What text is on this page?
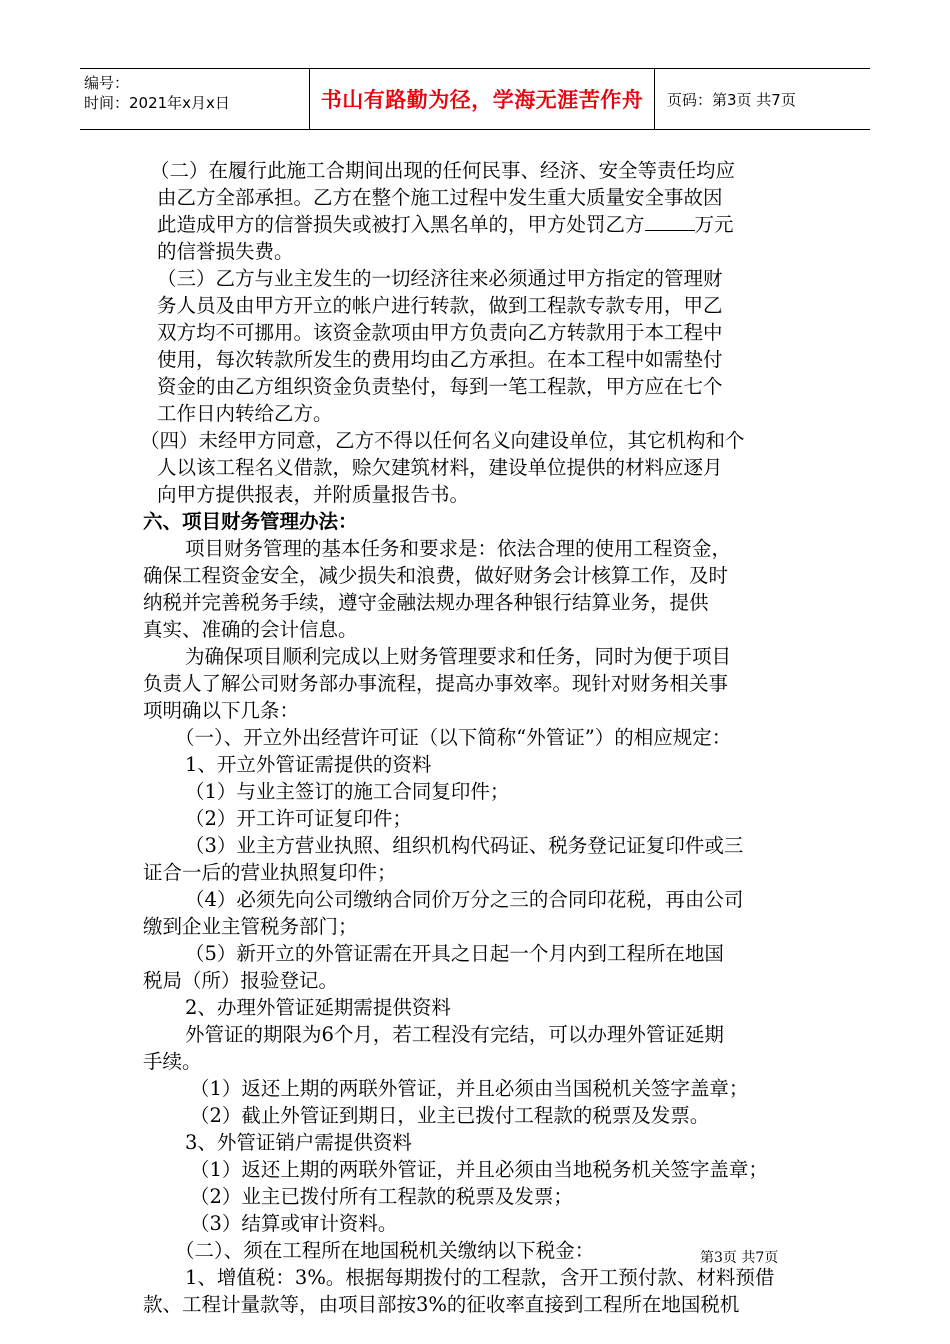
编号：
时间：2021年x月x日	书山有路勤为径，学海无涯苦作舟	页码：第3页 共7页
（二）在履行此施工合期间出现的任何民事、经济、安全等责任均应
由乙方全部承担。乙方在整个施工过程中发生重大质量安全事故因
此造成甲方的信誉损失或被打入黑名单的，甲方处罚乙方	万元
的信誉损失费。
（三）乙方与业主发生的一切经济往来必须通过甲方指定的管理财
务人员及由甲方开立的帐户进行转款，做到工程款专款专用，甲乙
双方均不可挪用。该资金款项由甲方负责向乙方转款用于本工程中
使用，每次转款所发生的费用均由乙方承担。在本工程中如需垫付
资金的由乙方组织资金负责垫付，每到一笔工程款，甲方应在七个
工作日内转给乙方。
（四）未经甲方同意，乙方不得以任何名义向建设单位，其它机构和个
人以该工程名义借款，赊欠建筑材料，建设单位提供的材料应逐月
向甲方提供报表，并附质量报告书。
六、项目财务管理办法：
项目财务管理的基本任务和要求是：依法合理的使用工程资金，
确保工程资金安全，减少损失和浪费，做好财务会计核算工作，及时
纳税并完善税务手续，遵守金融法规办理各种银行结算业务，提供
真实、准确的会计信息。
为确保项目顺利完成以上财务管理要求和任务，同时为便于项目
负责人了解公司财务部办事流程，提高办事效率。现针对财务相关事
项明确以下几条：
（一）、开立外出经营许可证（以下简称“外管证”）的相应规定：
1、开立外管证需提供的资料
（1）与业主签订的施工合同复印件；
（2）开工许可证复印件；
（3）业主方营业执照、组织机构代码证、税务登记证复印件或三
证合一后的营业执照复印件；
（4）必须先向公司缴纳合同价万分之三的合同印花税，再由公司
缴到企业主管税务部门；
（5）新开立的外管证需在开具之日起一个月内到工程所在地国
税局（所）报验登记。
2、办理外管证延期需提供资料
外管证的期限为6个月，若工程没有完结，可以办理外管证延期
手续。
（1）返还上期的两联外管证，并且必须由当国税机关签字盖章；
（2）截止外管证到期日，业主已拨付工程款的税票及发票。
3、外管证销户需提供资料
（1）返还上期的两联外管证，并且必须由当地税务机关签字盖章；
（2）业主已拨付所有工程款的税票及发票；
（3）结算或审计资料。
（二）、须在工程所在地国税机关缴纳以下税金：
1、增值税：3%。根据每期拨付的工程款，含开工预付款、材料预借
款、工程计量款等，由项目部按3%的征收率直接到工程所在地国税机
第3页 共7页
